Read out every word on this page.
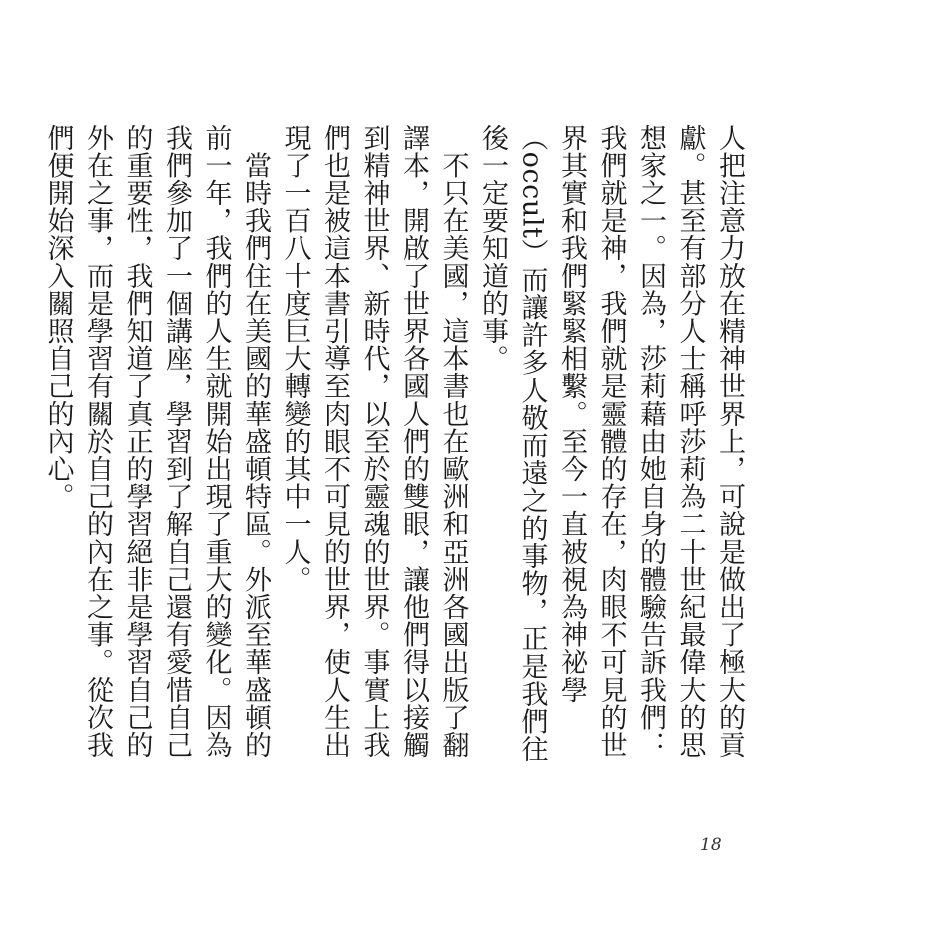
人把注意力放在精神世界上，可說是做出了極大的貢獻。甚至有部分人士稱呼莎莉為二十世紀最偉大的思想家之一。因為，莎莉藉由她自身的體驗告訴我們：我們就是神，我們就是靈體的存在，肉眼不可見的世界其實和我們緊緊相繫。至今一直被視為神祕學（occult）而讓許多人敬而遠之的事物，正是我們往後一定要知道的事。

　不只在美國，這本書也在歐洲和亞洲各國出版了翻譯本，開啟了世界各國人們的雙眼，讓他們得以接觸到精神世界、新時代，以至於靈魂的世界。事實上我們也是被這本書引導至肉眼不可見的世界，使人生出現了一百八十度巨大轉變的其中一人。

　當時我們住在美國的華盛頓特區。外派至華盛頓的前一年，我們的人生就開始出現了重大的變化。因為我們參加了一個講座，學習到了解自己還有愛惜自己的重要性，我們知道了真正的學習絕非是學習自己的外在之事，而是學習有關於自己的內在之事。從次我們便開始深入關照自己的內心。

18
